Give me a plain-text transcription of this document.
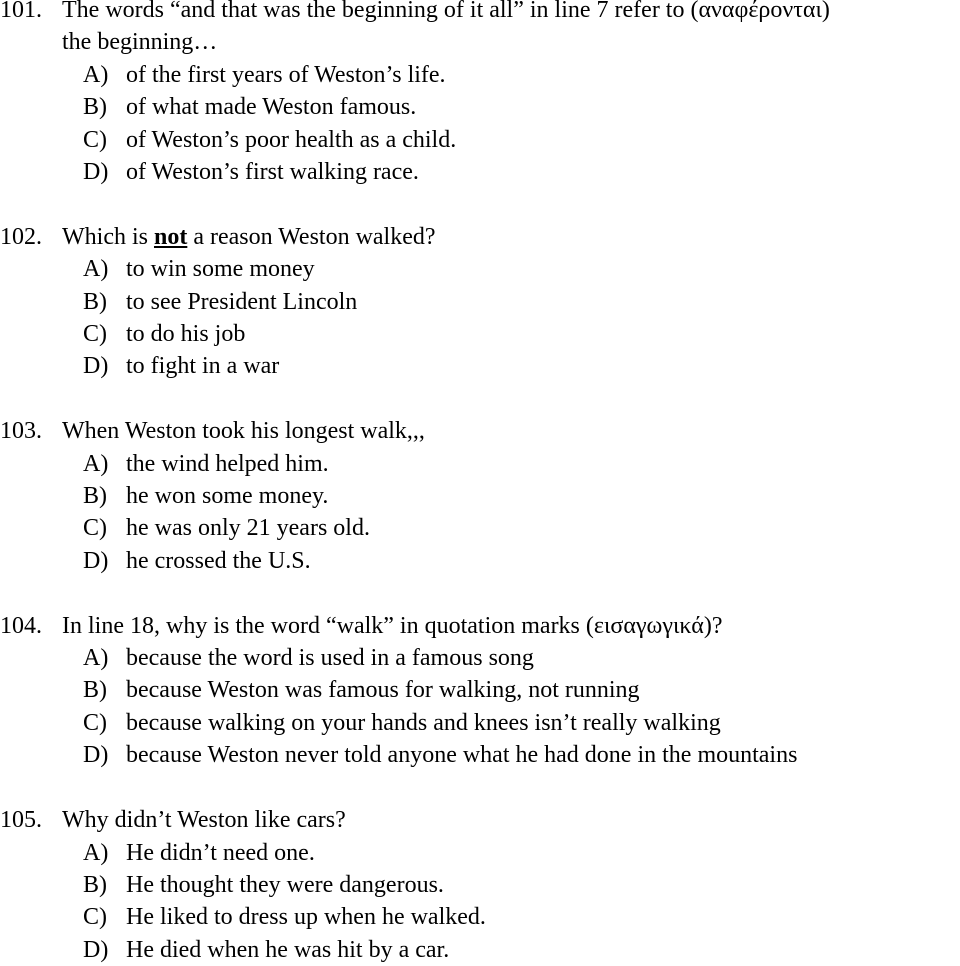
101. The words “and that was the beginning of it all” in line 7 refer to (αναφέρονται)
the beginning…
A) of the first years of Weston’s life.
B) of what made Weston famous.
C) of Weston’s poor health as a child.
D) of Weston’s first walking race.
102. Which is not a reason Weston walked?
A) to win some money
B) to see President Lincoln
C) to do his job
D) to fight in a war
103. When Weston took his longest walk,,,
A) the wind helped him.
B) he won some money.
C) he was only 21 years old.
D) he crossed the U.S.
104. In line 18, why is the word “walk” in quotation marks (εισαγωγικά)?
A) because the word is used in a famous song
B) because Weston was famous for walking, not running
C) because walking on your hands and knees isn’t really walking
D) because Weston never told anyone what he had done in the mountains
105. Why didn’t Weston like cars?
A) He didn’t need one.
B) He thought they were dangerous.
C) He liked to dress up when he walked.
D) He died when he was hit by a car.
